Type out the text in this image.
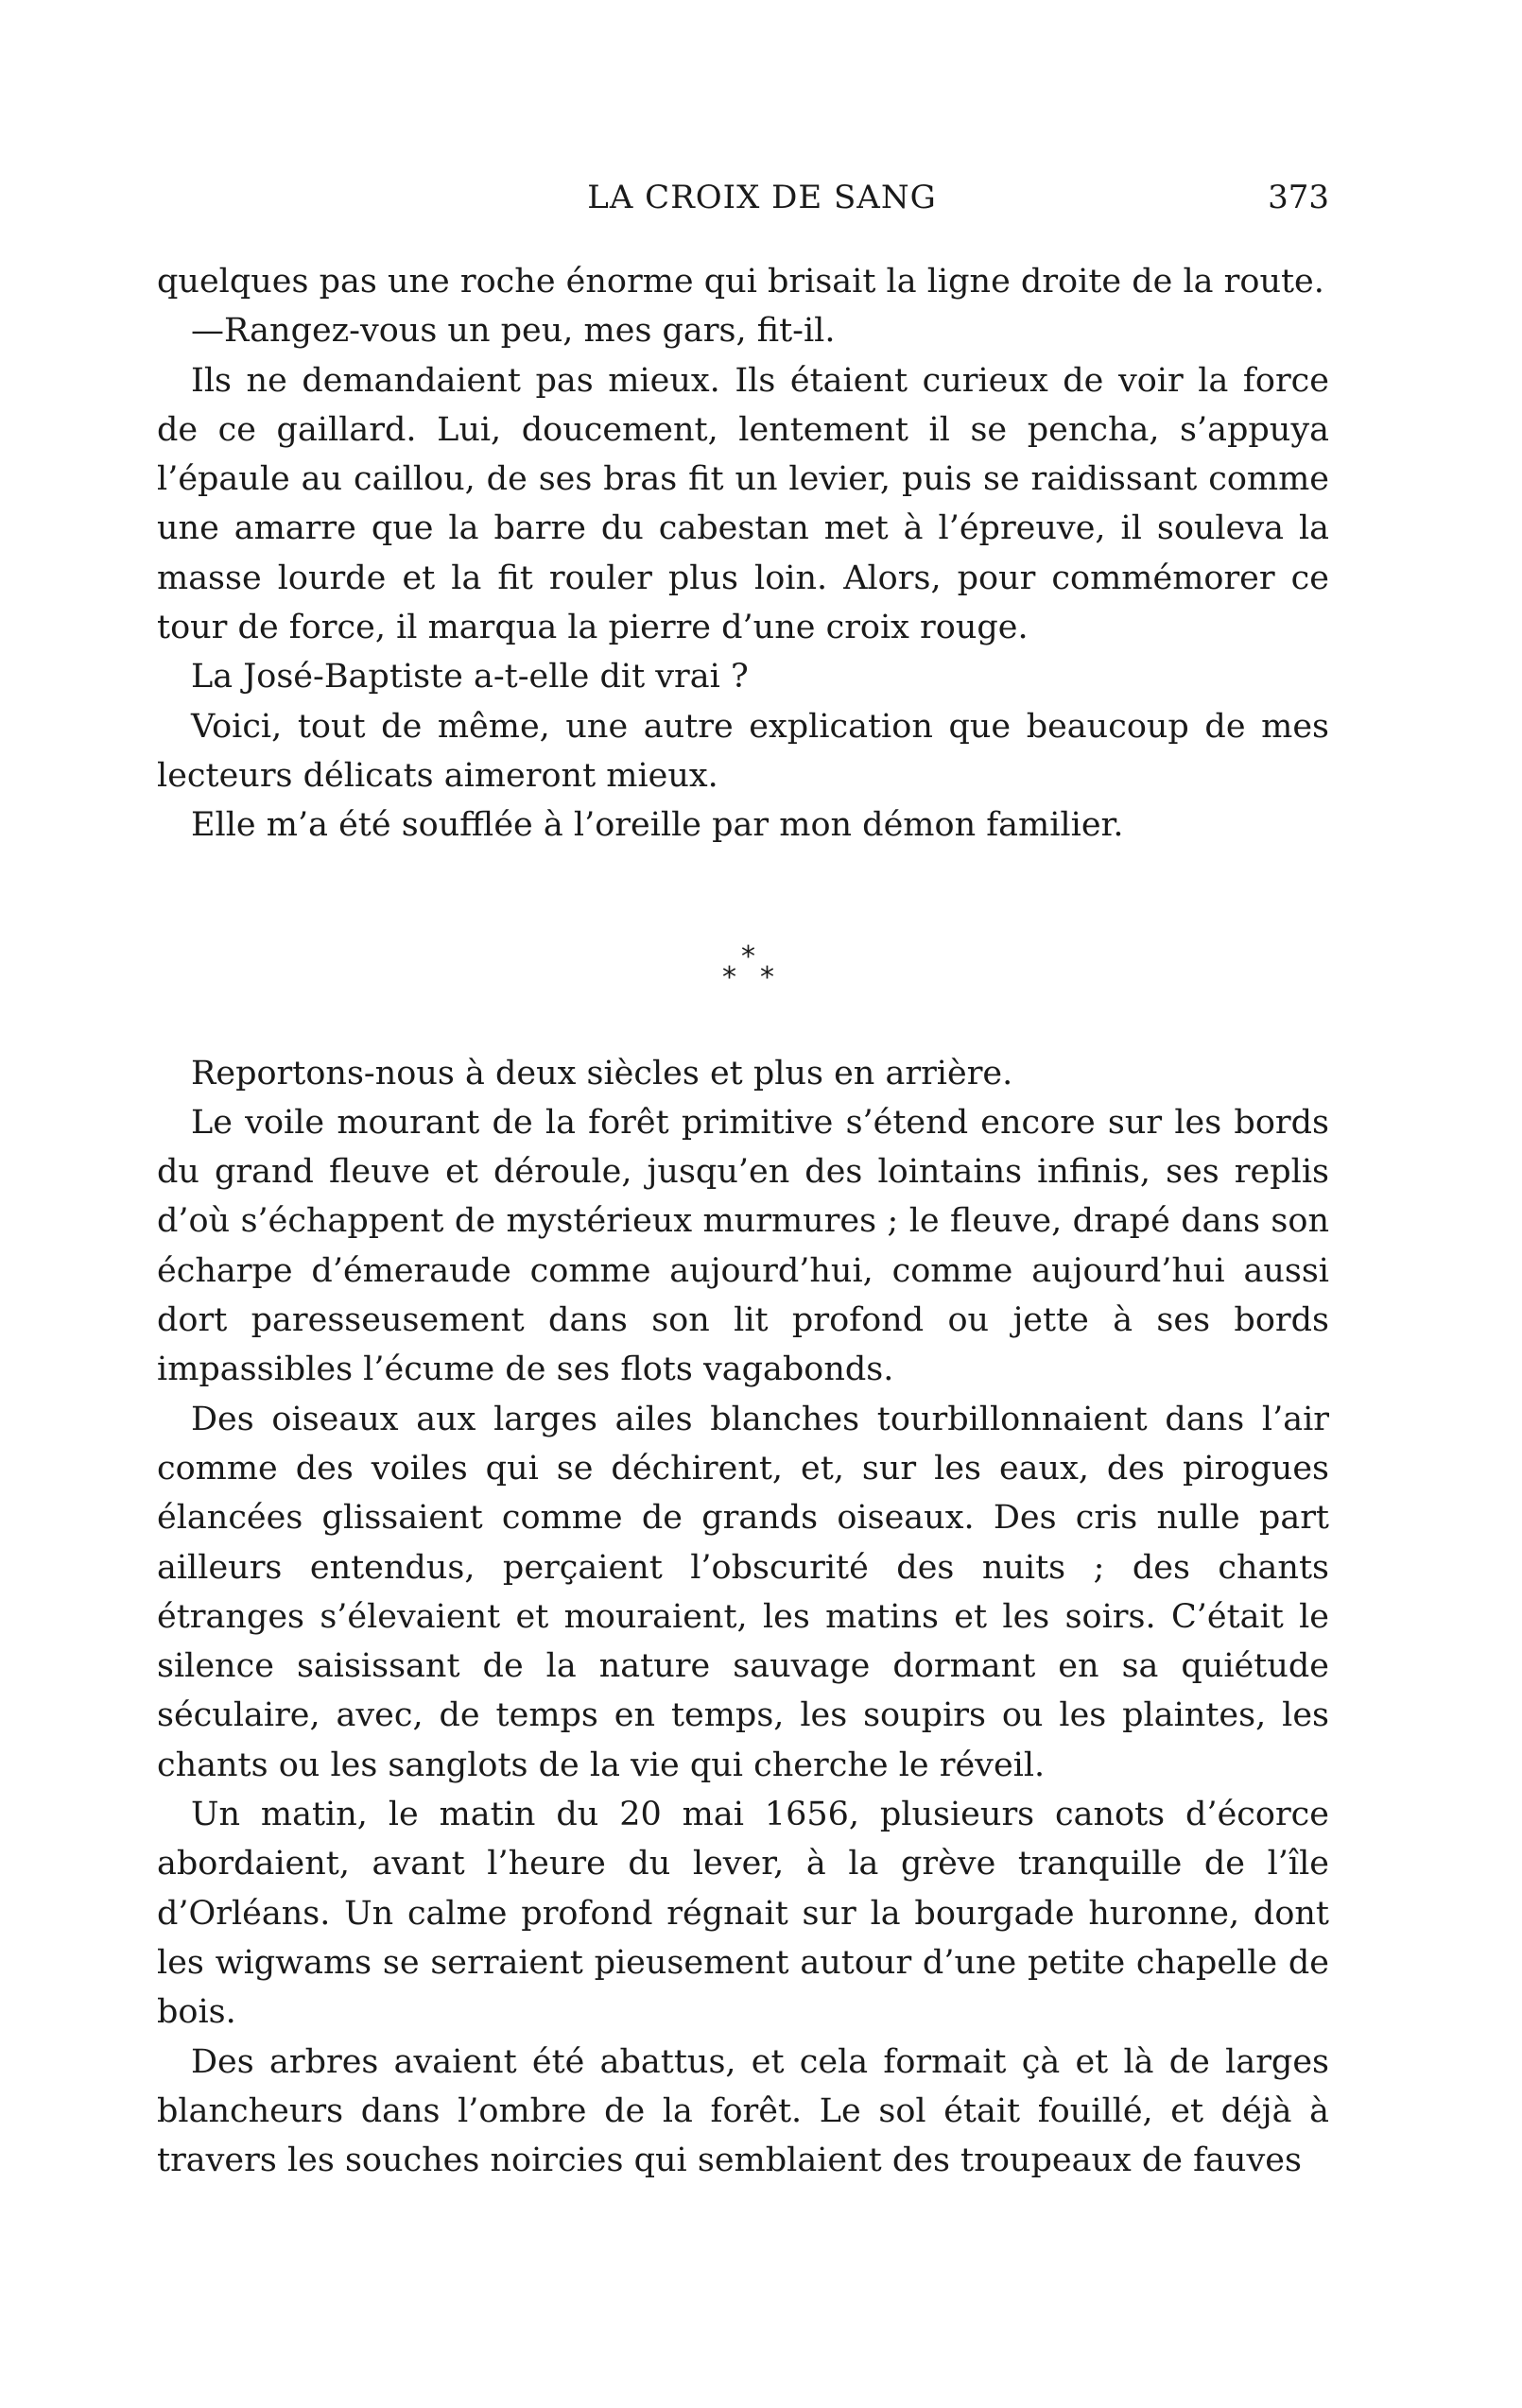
LA CROIX DE SANG	373

quelques pas une roche énorme qui brisait la ligne droite de la route.

—Rangez-vous un peu, mes gars, fit-il.

Ils ne demandaient pas mieux. Ils étaient curieux de voir la force de ce gaillard. Lui, doucement, lentement il se pencha, s’appuya l’épaule au caillou, de ses bras fit un levier, puis se raidissant comme une amarre que la barre du cabestan met à l’épreuve, il souleva la masse lourde et la fit rouler plus loin. Alors, pour commémorer ce tour de force, il marqua la pierre d’une croix rouge.

La José-Baptiste a-t-elle dit vrai ?

Voici, tout de même, une autre explication que beaucoup de mes lecteurs délicats aimeront mieux.

Elle m’a été soufflée à l’oreille par mon démon familier.

*
* *

Reportons-nous à deux siècles et plus en arrière.

Le voile mourant de la forêt primitive s’étend encore sur les bords du grand fleuve et déroule, jusqu’en des lointains infinis, ses replis d’où s’échappent de mystérieux murmures ; le fleuve, drapé dans son écharpe d’émeraude comme aujourd’hui, comme aujourd’hui aussi dort paresseusement dans son lit profond ou jette à ses bords impassibles l’écume de ses flots vagabonds.

Des oiseaux aux larges ailes blanches tourbillonnaient dans l’air comme des voiles qui se déchirent, et, sur les eaux, des pirogues élancées glissaient comme de grands oiseaux. Des cris nulle part ailleurs entendus, perçaient l’obscurité des nuits ; des chants étranges s’élevaient et mouraient, les matins et les soirs. C’était le silence saisissant de la nature sauvage dormant en sa quiétude séculaire, avec, de temps en temps, les soupirs ou les plaintes, les chants ou les sanglots de la vie qui cherche le réveil.

Un matin, le matin du 20 mai 1656, plusieurs canots d’écorce abordaient, avant l’heure du lever, à la grève tranquille de l’île d’Orléans. Un calme profond régnait sur la bourgade huronne, dont les wigwams se serraient pieusement autour d’une petite chapelle de bois.

Des arbres avaient été abattus, et cela formait çà et là de larges blancheurs dans l’ombre de la forêt. Le sol était fouillé, et déjà à travers les souches noircies qui semblaient des troupeaux de fauves
